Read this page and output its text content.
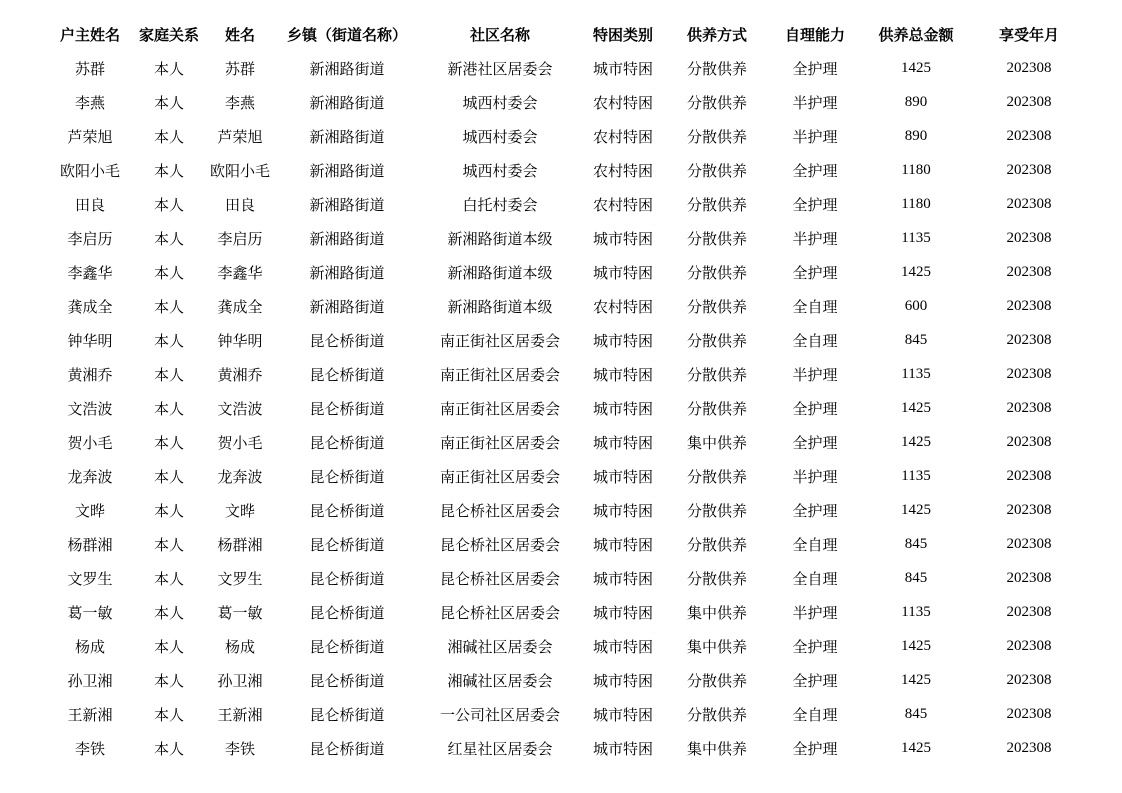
户主姓名	家庭关系	姓名	乡镇（街道名称）	社区名称	特困类别	供养方式	自理能力	供养总金额	享受年月
苏群	本人	苏群	新湘路街道	新港社区居委会	城市特困	分散供养	全护理	1425	202308
李燕	本人	李燕	新湘路街道	城西村委会	农村特困	分散供养	半护理	890	202308
芦荣旭	本人	芦荣旭	新湘路街道	城西村委会	农村特困	分散供养	半护理	890	202308
欧阳小毛	本人	欧阳小毛	新湘路街道	城西村委会	农村特困	分散供养	全护理	1180	202308
田良	本人	田良	新湘路街道	白托村委会	农村特困	分散供养	全护理	1180	202308
李启历	本人	李启历	新湘路街道	新湘路街道本级	城市特困	分散供养	半护理	1135	202308
李鑫华	本人	李鑫华	新湘路街道	新湘路街道本级	城市特困	分散供养	全护理	1425	202308
龚成全	本人	龚成全	新湘路街道	新湘路街道本级	农村特困	分散供养	全自理	600	202308
钟华明	本人	钟华明	昆仑桥街道	南正街社区居委会	城市特困	分散供养	全自理	845	202308
黄湘乔	本人	黄湘乔	昆仑桥街道	南正街社区居委会	城市特困	分散供养	半护理	1135	202308
文浩波	本人	文浩波	昆仑桥街道	南正街社区居委会	城市特困	分散供养	全护理	1425	202308
贺小毛	本人	贺小毛	昆仑桥街道	南正街社区居委会	城市特困	集中供养	全护理	1425	202308
龙奔波	本人	龙奔波	昆仑桥街道	南正街社区居委会	城市特困	分散供养	半护理	1135	202308
文晔	本人	文晔	昆仑桥街道	昆仑桥社区居委会	城市特困	分散供养	全护理	1425	202308
杨群湘	本人	杨群湘	昆仑桥街道	昆仑桥社区居委会	城市特困	分散供养	全自理	845	202308
文罗生	本人	文罗生	昆仑桥街道	昆仑桥社区居委会	城市特困	分散供养	全自理	845	202308
葛一敏	本人	葛一敏	昆仑桥街道	昆仑桥社区居委会	城市特困	集中供养	半护理	1135	202308
杨成	本人	杨成	昆仑桥街道	湘碱社区居委会	城市特困	集中供养	全护理	1425	202308
孙卫湘	本人	孙卫湘	昆仑桥街道	湘碱社区居委会	城市特困	分散供养	全护理	1425	202308
王新湘	本人	王新湘	昆仑桥街道	一公司社区居委会	城市特困	分散供养	全自理	845	202308
李铁	本人	李铁	昆仑桥街道	红星社区居委会	城市特困	集中供养	全护理	1425	202308
